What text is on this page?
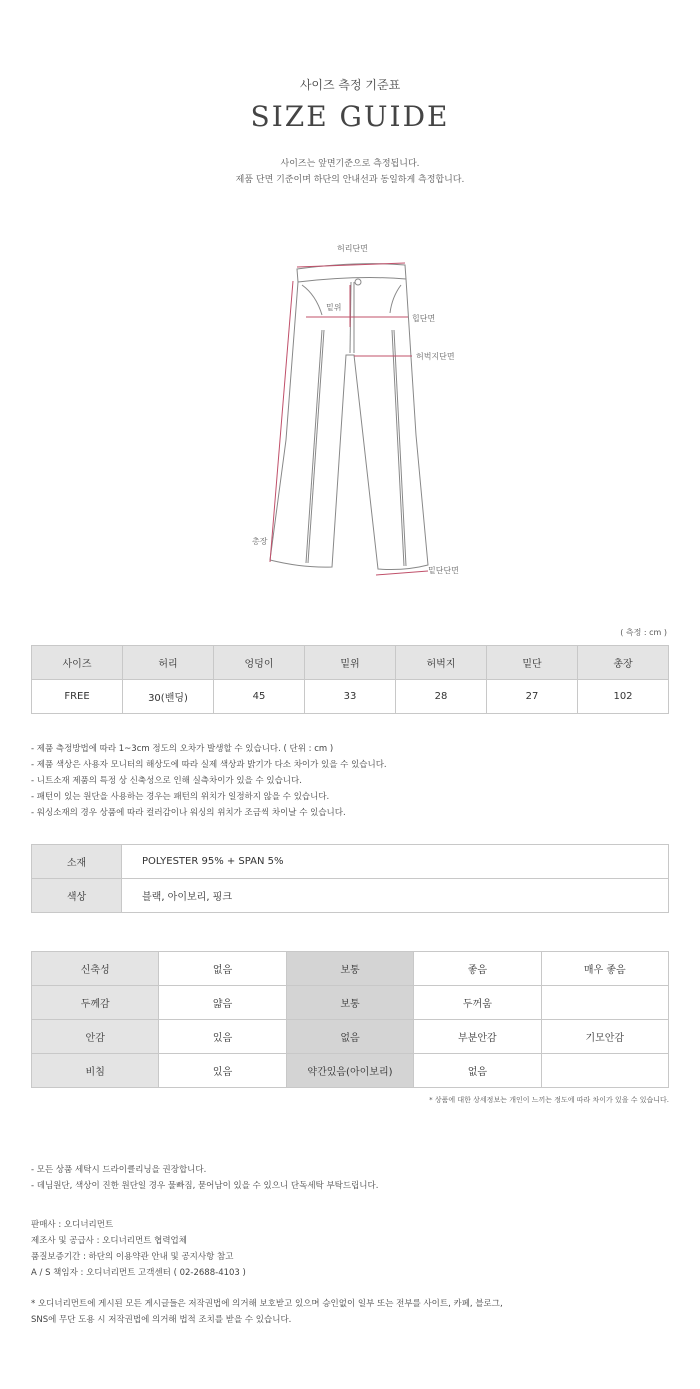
사이즈 측정 기준표
SIZE GUIDE
사이즈는 앞면기준으로 측정됩니다.
제품 단면 기준이며 하단의 안내선과 동일하게 측정합니다.
허리단면
밑위
힙단면
허벅지단면
총장
밑단단면
( 측정 : cm )
사이즈	허리	엉덩이	밑위	허벅지	밑단	총장
FREE	30(밴딩)	45	33	28	27	102
- 제품 측정방법에 따라 1~3cm 정도의 오차가 발생할 수 있습니다. ( 단위 : cm )
- 제품 색상은 사용자 모니터의 해상도에 따라 실제 색상과 밝기가 다소 차이가 있을 수 있습니다.
- 니트소재 제품의 특정 상 신축성으로 인해 실측차이가 있을 수 있습니다.
- 패턴이 있는 원단을 사용하는 경우는 패턴의 위치가 일정하지 않을 수 있습니다.
- 워싱소재의 경우 상품에 따라 컬러감이나 워싱의 위치가 조금씩 차이날 수 있습니다.
소재	POLYESTER 95% + SPAN 5%
색상	블랙, 아이보리, 핑크
신축성	없음	보통	좋음	매우 좋음
두께감	얇음	보통	두꺼움	
안감	있음	없음	부분안감	기모안감
비침	있음	약간있음(아이보리)	없음	
* 상품에 대한 상세정보는 개인이 느끼는 정도에 따라 차이가 있을 수 있습니다.
- 모든 상품 세탁시 드라이클리닝을 권장합니다.
- 데님원단, 색상이 진한 원단일 경우 물빠짐, 묻어남이 있을 수 있으니 단독세탁 부탁드립니다.
판매사 : 오디너리먼트
제조사 및 공급사 : 오디너리먼트 협력업체
품질보증기간 : 하단의 이용약관 안내 및 공지사항 참고
A / S 책임자 : 오디너리먼트 고객센터 ( 02-2688-4103 )
* 오디너리먼트에 게시된 모든 게시글들은 저작권법에 의거해 보호받고 있으며 승인없이 일부 또는 전부를 사이트, 카페, 블로그,
SNS에 무단 도용 시 저작권법에 의거해 법적 조치를 받을 수 있습니다.
